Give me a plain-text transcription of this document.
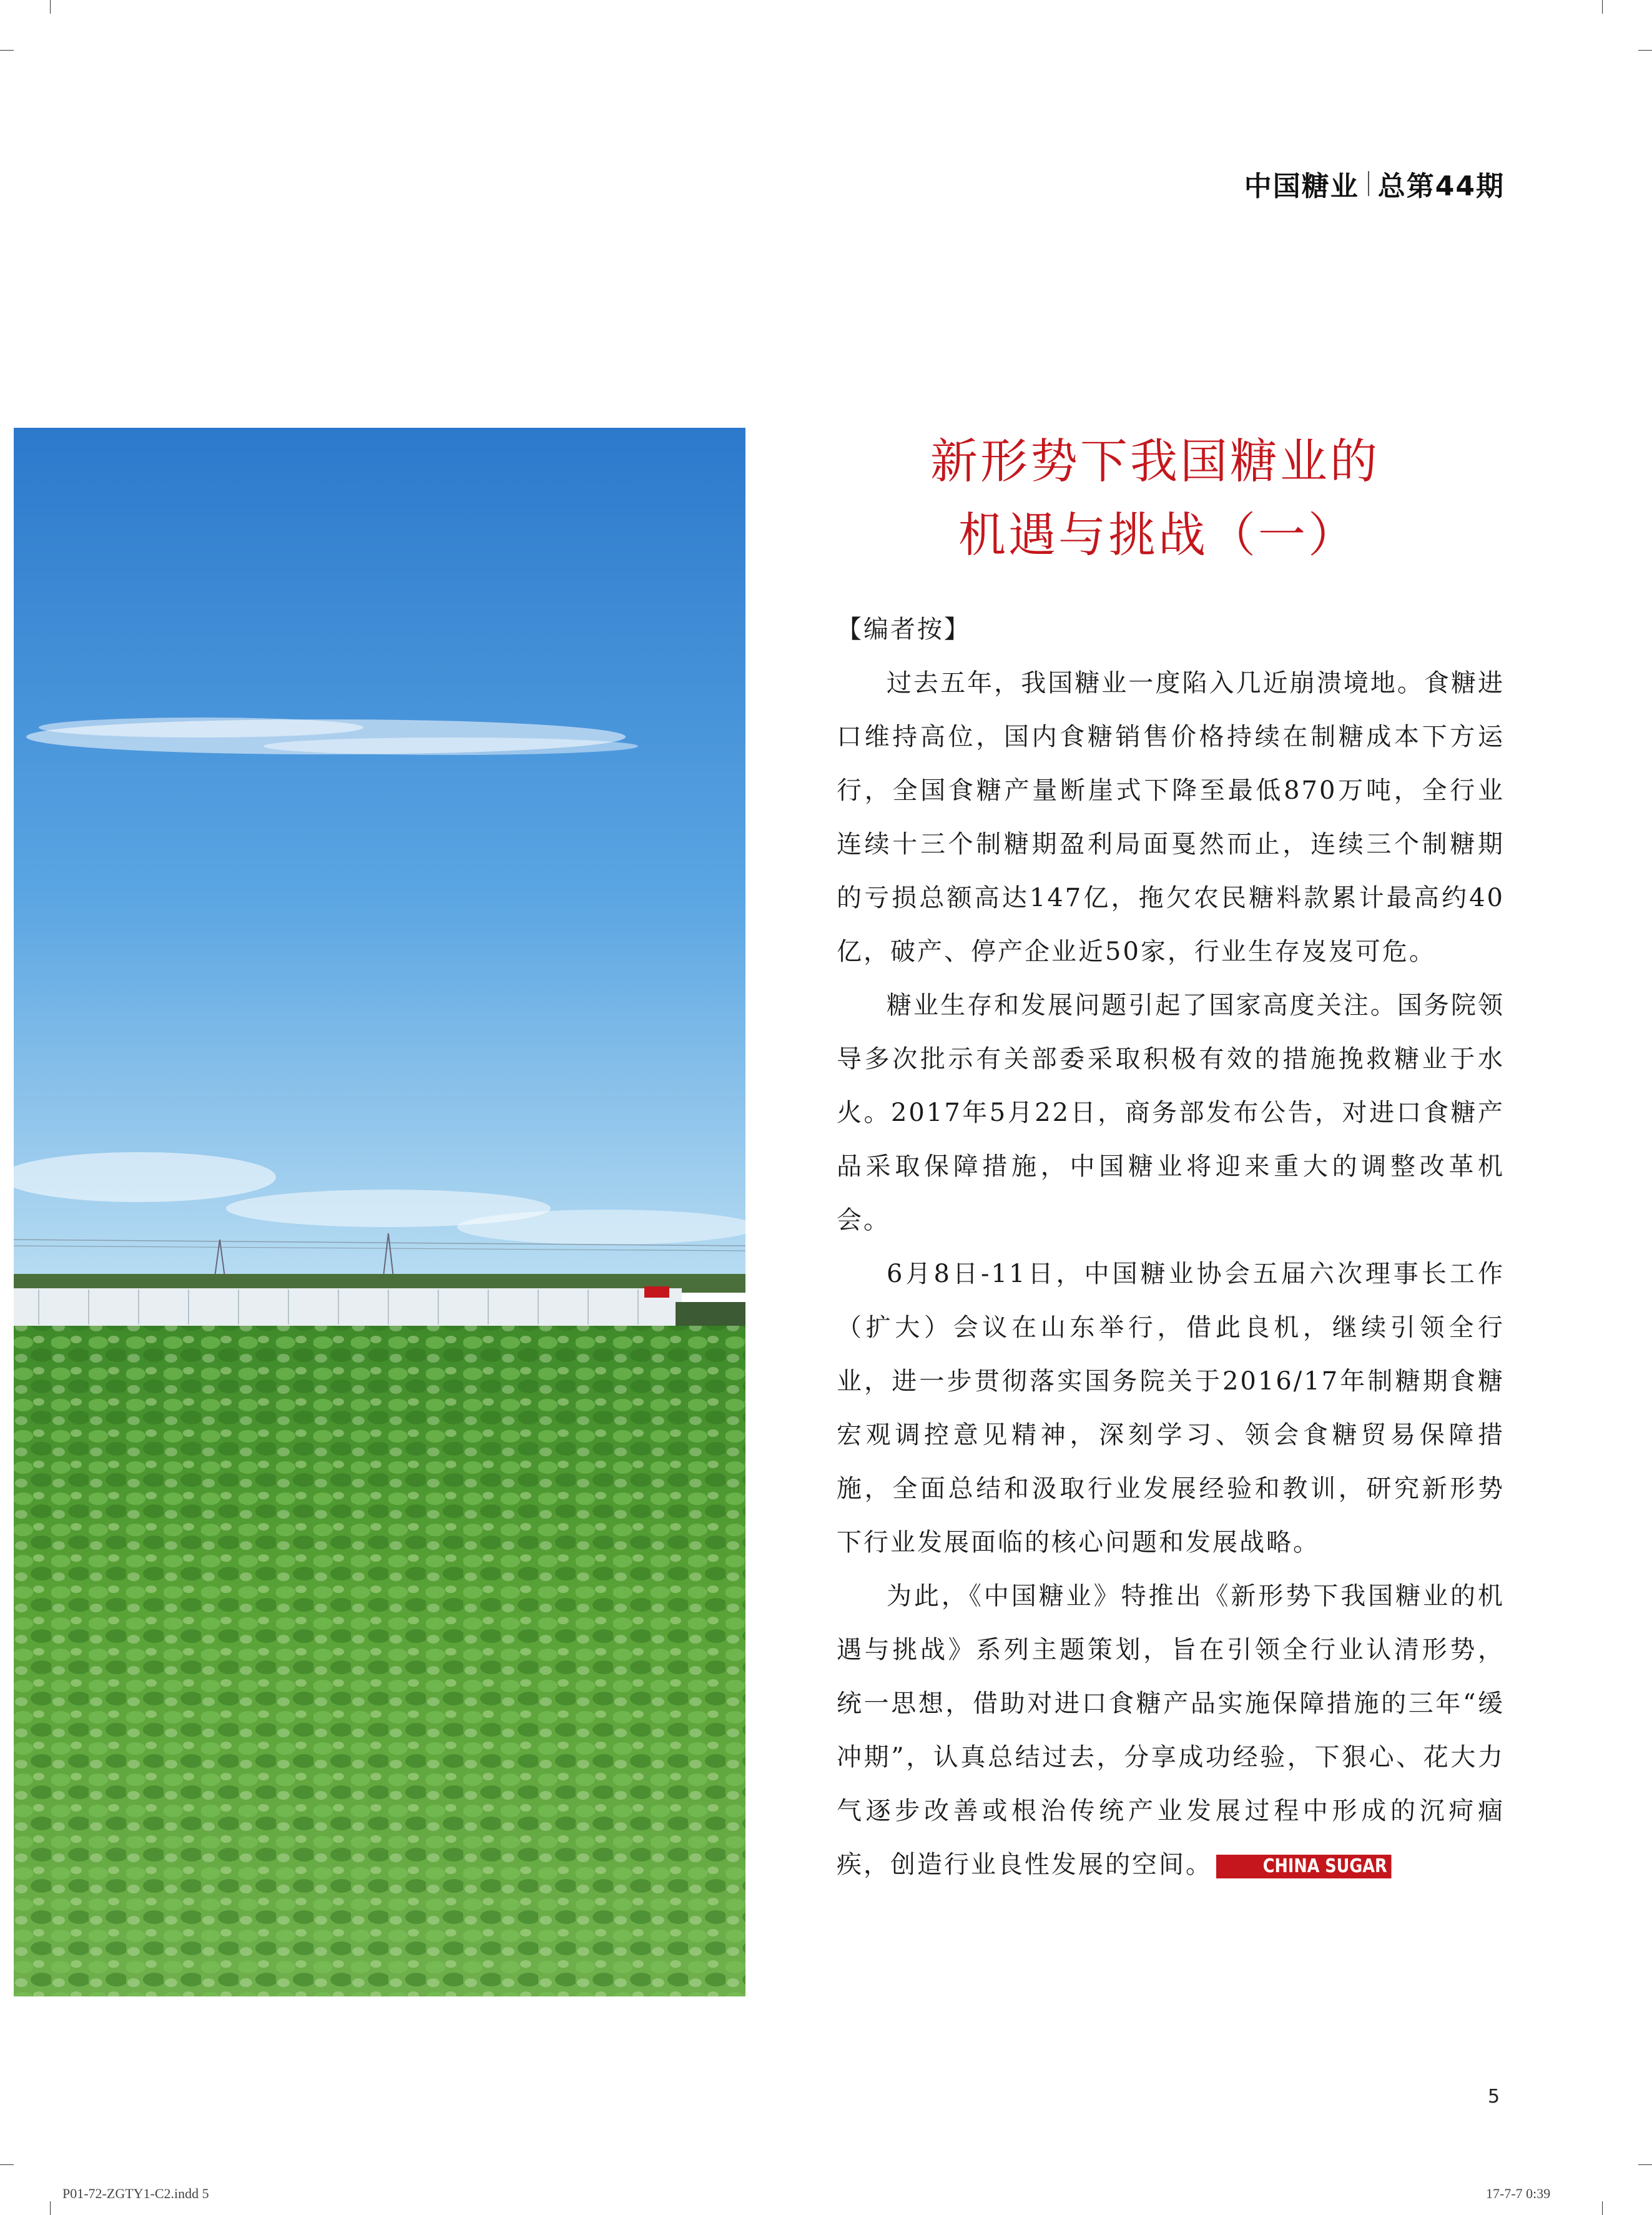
中国糖业 总第44期
新形势下我国糖业的
机遇与挑战（一）

【编者按】

过去五年，我国糖业一度陷入几近崩溃境地。食糖进口维持高位，国内食糖销售价格持续在制糖成本下方运行，全国食糖产量断崖式下降至最低870万吨，全行业连续十三个制糖期盈利局面戛然而止，连续三个制糖期的亏损总额高达147亿，拖欠农民糖料款累计最高约40亿，破产、停产企业近50家，行业生存岌岌可危。

糖业生存和发展问题引起了国家高度关注。国务院领导多次批示有关部委采取积极有效的措施挽救糖业于水火。2017年5月22日，商务部发布公告，对进口食糖产品采取保障措施，中国糖业将迎来重大的调整改革机会。

6月8日-11日，中国糖业协会五届六次理事长工作（扩大）会议在山东举行，借此良机，继续引领全行业，进一步贯彻落实国务院关于2016/17年制糖期食糖宏观调控意见精神，深刻学习、领会食糖贸易保障措施，全面总结和汲取行业发展经验和教训，研究新形势下行业发展面临的核心问题和发展战略。

为此，《中国糖业》特推出《新形势下我国糖业的机遇与挑战》系列主题策划，旨在引领全行业认清形势，统一思想，借助对进口食糖产品实施保障措施的三年“缓冲期”，认真总结过去，分享成功经验，下狠心、花大力气逐步改善或根治传统产业发展过程中形成的沉疴痼疾，创造行业良性发展的空间。	CHINA SUGAR

5
P01-72-ZGTY1-C2.indd 5	17-7-7 0:39
